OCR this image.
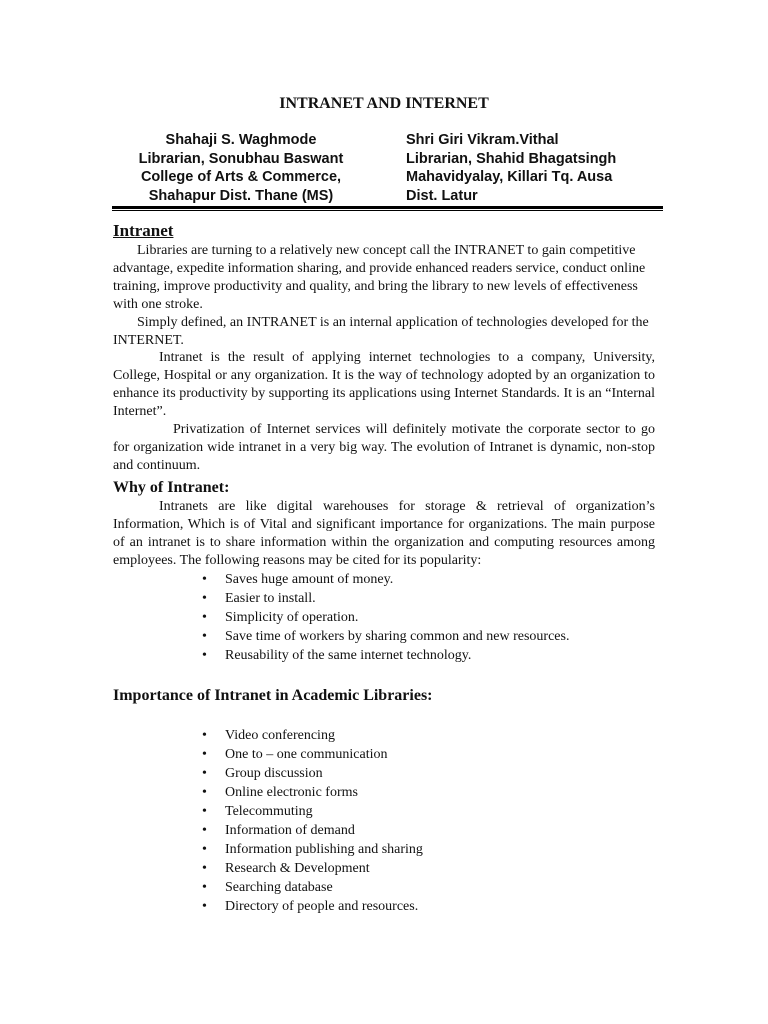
INTRANET AND INTERNET
Shahaji S. Waghmode
Librarian, Sonubhau Baswant
College of Arts & Commerce,
Shahapur Dist. Thane (MS)
Shri Giri Vikram.Vithal
Librarian, Shahid Bhagatsingh
Mahavidyalay, Killari Tq. Ausa
Dist. Latur
Intranet

Libraries are turning to a relatively new concept call the INTRANET to gain competitive advantage, expedite information sharing, and provide enhanced readers service, conduct online training, improve productivity and quality, and bring the library to new levels of effectiveness with one stroke.

Simply defined, an INTRANET is an internal application of technologies developed for the INTERNET.

Intranet is the result of applying internet technologies to a company, University, College, Hospital or any organization. It is the way of technology adopted by an organization to enhance its productivity by supporting its applications using Internet Standards. It is an “Internal Internet”.

Privatization of Internet services will definitely motivate the corporate sector to go for organization wide intranet in a very big way. The evolution of Intranet is dynamic, non-stop and continuum.

Why of Intranet:

Intranets are like digital warehouses for storage & retrieval of organization’s Information, Which is of Vital and significant importance for organizations. The main purpose of an intranet is to share information within the organization and computing resources among employees. The following reasons may be cited for its popularity:

•	Saves huge amount of money.
•	Easier to install.
•	Simplicity of operation.
•	Save time of workers by sharing common and new resources.
•	Reusability of the same internet technology.
Importance of Intranet in Academic Libraries:
•	Video conferencing
•	One to – one communication
•	Group discussion
•	Online electronic forms
•	Telecommuting
•	Information of demand
•	Information publishing and sharing
•	Research & Development
•	Searching database
•	Directory of people and resources.
